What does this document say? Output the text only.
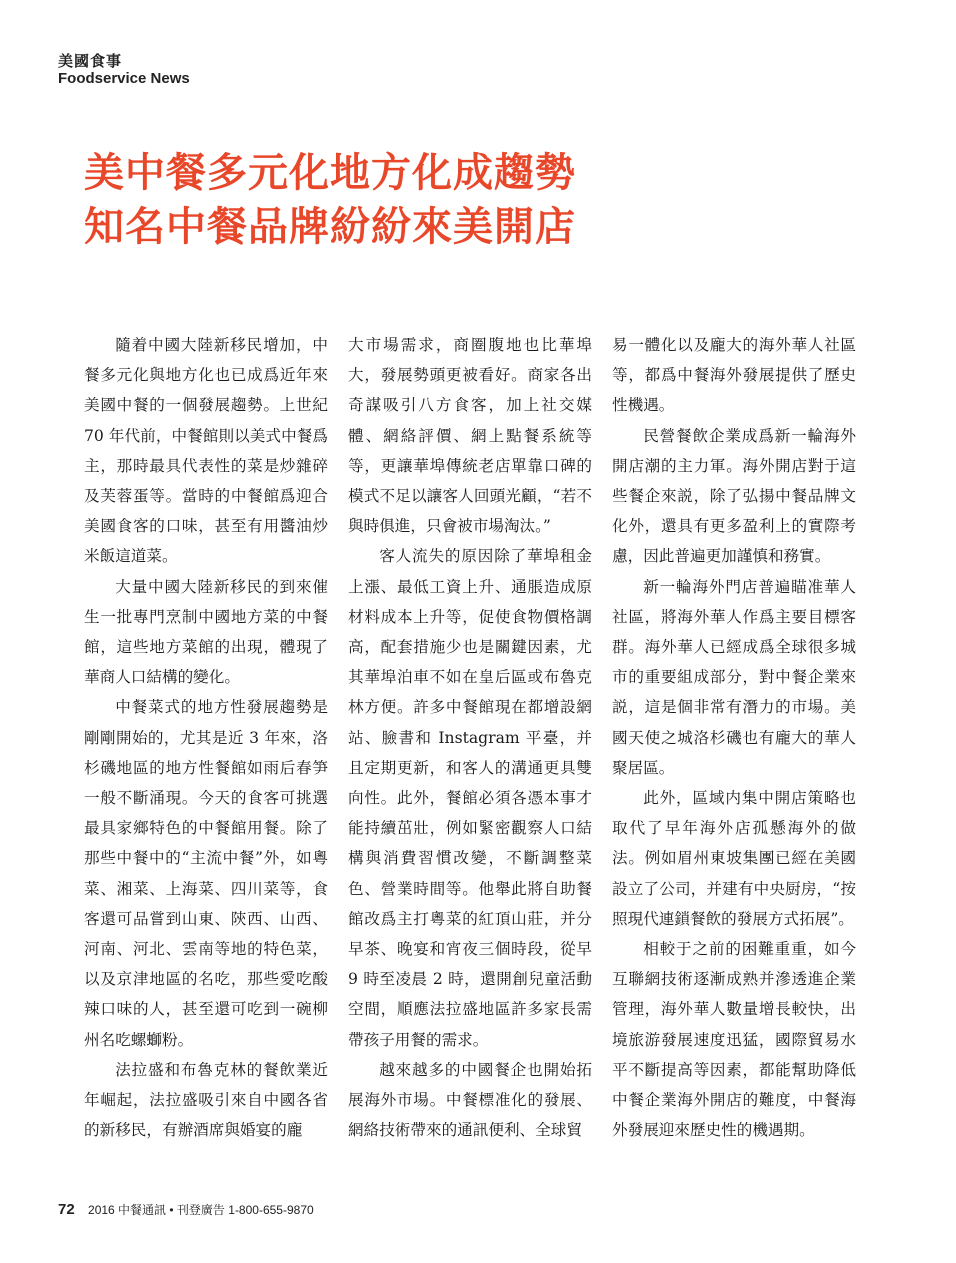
美國食事
Foodservice News
美中餐多元化地方化成趨勢
知名中餐品牌紛紛來美開店

隨着中國大陸新移民增加，中餐多元化與地方化也已成爲近年來美國中餐的一個發展趨勢。上世紀 70 年代前，中餐館則以美式中餐爲主，那時最具代表性的菜是炒雜碎及芙蓉蛋等。當時的中餐館爲迎合美國食客的口味，甚至有用醬油炒米飯這道菜。

大量中國大陸新移民的到來催生一批專門烹制中國地方菜的中餐館，這些地方菜館的出現，體現了華商人口結構的變化。

中餐菜式的地方性發展趨勢是剛剛開始的，尤其是近 3 年來，洛杉磯地區的地方性餐館如雨后春笋一般不斷涌現。今天的食客可挑選最具家鄉特色的中餐館用餐。除了那些中餐中的“主流中餐”外，如粵菜、湘菜、上海菜、四川菜等，食客還可品嘗到山東、陝西、山西、河南、河北、雲南等地的特色菜，以及京津地區的名吃，那些愛吃酸辣口味的人，甚至還可吃到一碗柳州名吃螺螄粉。

法拉盛和布魯克林的餐飲業近年崛起，法拉盛吸引來自中國各省的新移民，有辦酒席與婚宴的龐

大市場需求，商圈腹地也比華埠大，發展勢頭更被看好。商家各出奇謀吸引八方食客，加上社交媒體、網絡評價、網上點餐系統等等，更讓華埠傳統老店單靠口碑的模式不足以讓客人回頭光顧，“若不與時俱進，只會被市場淘汰。”

客人流失的原因除了華埠租金上漲、最低工資上升、通脹造成原材料成本上升等，促使食物價格調高，配套措施少也是關鍵因素，尤其華埠泊車不如在皇后區或布魯克林方便。許多中餐館現在都增設網站、臉書和 Instagram 平臺，并且定期更新，和客人的溝通更具雙向性。此外，餐館必須各憑本事才能持續茁壯，例如緊密觀察人口結構與消費習慣改變，不斷調整菜色、營業時間等。他舉此將自助餐館改爲主打粵菜的紅頂山莊，并分早茶、晚宴和宵夜三個時段，從早 9 時至凌晨 2 時，還開創兒童活動空間，順應法拉盛地區許多家長需帶孩子用餐的需求。

越來越多的中國餐企也開始拓展海外市場。中餐標准化的發展、網絡技術帶來的通訊便利、全球貿

易一體化以及龐大的海外華人社區等，都爲中餐海外發展提供了歷史性機遇。

民營餐飲企業成爲新一輪海外開店潮的主力軍。海外開店對于這些餐企來説，除了弘揚中餐品牌文化外，還具有更多盈利上的實際考慮，因此普遍更加謹慎和務實。

新一輪海外門店普遍瞄准華人社區，將海外華人作爲主要目標客群。海外華人已經成爲全球很多城市的重要組成部分，對中餐企業來説，這是個非常有潛力的市場。美國天使之城洛杉磯也有龐大的華人聚居區。

此外，區域内集中開店策略也取代了早年海外店孤懸海外的做法。例如眉州東坡集團已經在美國設立了公司，并建有中央厨房，“按照現代連鎖餐飲的發展方式拓展”。

相較于之前的困難重重，如今互聯網技術逐漸成熟并滲透進企業管理，海外華人數量增長較快，出境旅游發展速度迅猛，國際貿易水平不斷提高等因素，都能幫助降低中餐企業海外開店的難度，中餐海外發展迎來歷史性的機遇期。

72 2016 中餐通訊 • 刊登廣告 1-800-655-9870
